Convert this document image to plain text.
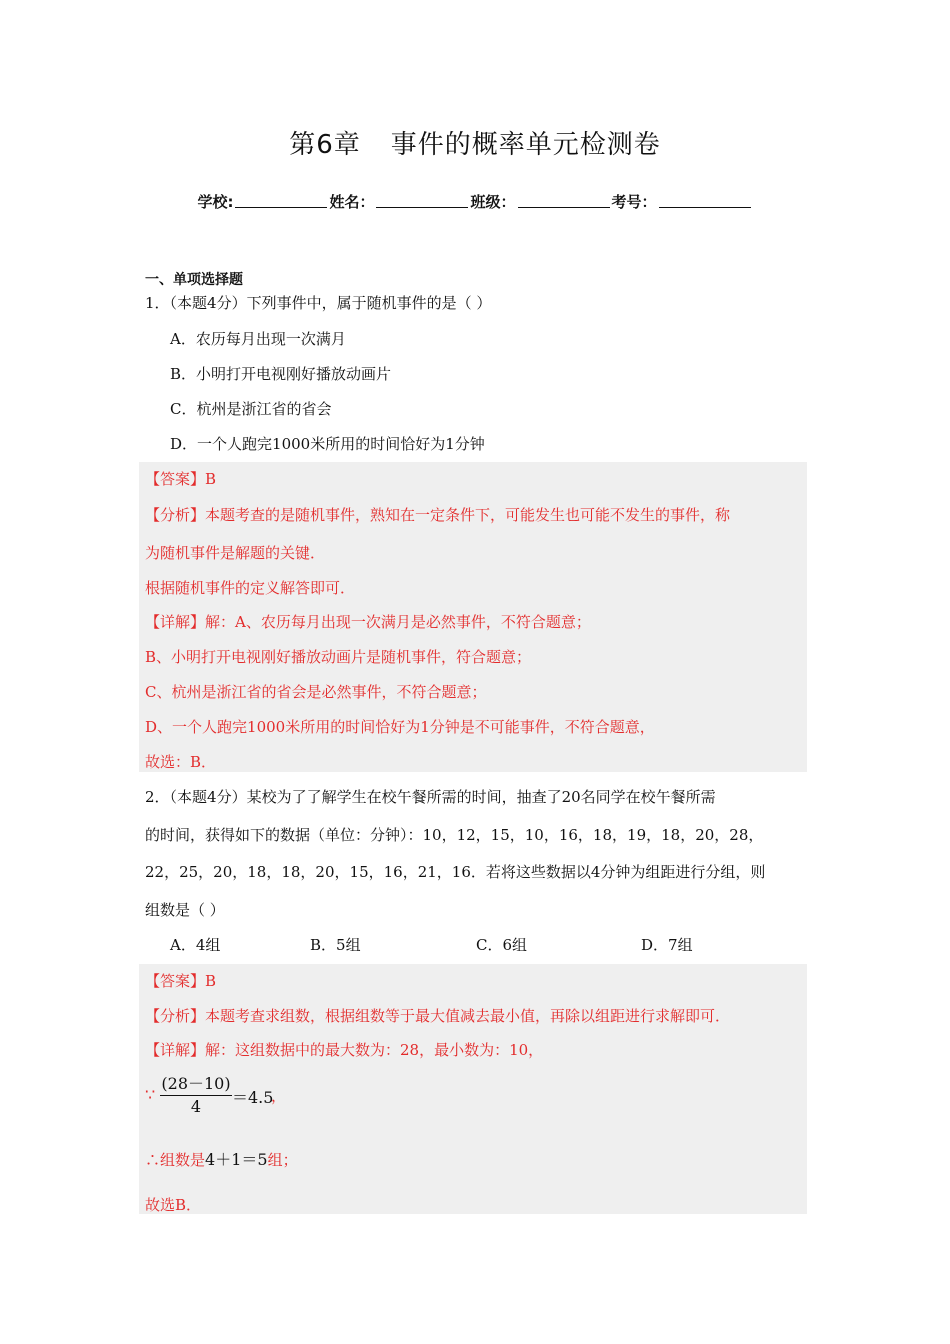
第6章 事件的概率单元检测卷
学校:	姓名：	班级：	考号：
一、单项选择题
1．（本题4分）下列事件中，属于随机事件的是（ ）
A．农历每月出现一次满月
B．小明打开电视刚好播放动画片
C．杭州是浙江省的省会
D．一个人跑完1000米所用的时间恰好为1分钟
【答案】B
【分析】本题考查的是随机事件，熟知在一定条件下，可能发生也可能不发生的事件，称
为随机事件是解题的关键．
根据随机事件的定义解答即可．
【详解】解：A、农历每月出现一次满月是必然事件，不符合题意；
B、小明打开电视刚好播放动画片是随机事件，符合题意；
C、杭州是浙江省的省会是必然事件，不符合题意；
D、一个人跑完1000米所用的时间恰好为1分钟是不可能事件，不符合题意，
故选：B．
2．（本题4分）某校为了了解学生在校午餐所需的时间，抽查了20名同学在校午餐所需
的时间，获得如下的数据（单位：分钟）：10，12，15，10，16，18，19，18，20，28，
22，25，20，18，18，20，15，16，21，16．若将这些数据以4分钟为组距进行分组，则
组数是（ ）
A．4组	B．5组	C．6组	D．7组
【答案】B
【分析】本题考查求组数，根据组数等于最大值减去最小值，再除以组距进行求解即可．
【详解】解：这组数据中的最大数为：28，最小数为：10，
∵ $\frac{(28-10)}{4} =4.5$
，
∴组数是4＋1＝5组；
故选B．
